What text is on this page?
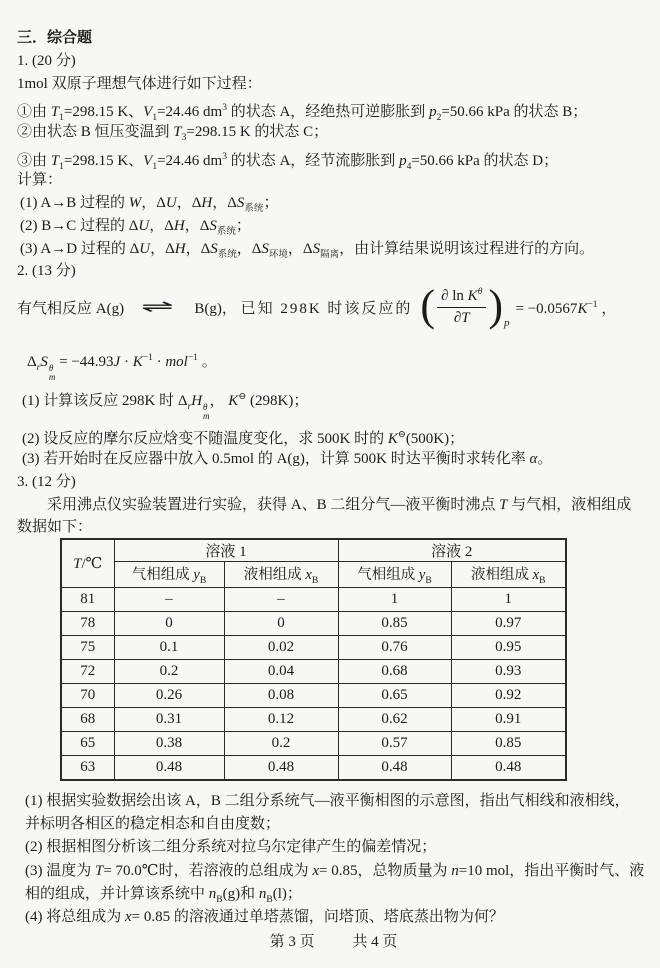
三．综合题
1. (20 分)
1mol 双原子理想气体进行如下过程：
①由 $T_1=298.15$ K、$V_1=24.46$ $dm^3$ 的状态 A，经绝热可逆膨胀到 $p_2=50.66$ kPa 的状态 B；
②由状态 B 恒压变温到 $T_3=298.15$ K 的状态 C；
③由 $T_1=298.15$ K、$V_1=24.46$ $dm^3$ 的状态 A，经节流膨胀到 $p_4=50.66$ kPa 的状态 D；
计算：
(1) A→B 过程的 W，ΔU，ΔH，$\Delta S_{系统}$；
(2) B→C 过程的 ΔU，ΔH，$\Delta S_{系统}$；
(3) A→D 过程的 ΔU，ΔH，$\Delta S_{系统}$，$\Delta S_{环境}$，$\Delta S_{隔离}$，由计算结果说明该过程进行的方向。
2. (13 分)
有气相反应 A(g) ⇌ B(g)， 已知 298K 时该反应的 ( $\frac{\partial \ln K^\theta}{\partial T}$ ) p
= $-0.0567K^{-1}$ ，
$\Delta_rS$ θ
m
= $-44.93J \cdot K^{-1} \cdot mol^{-1}$ 。
(1) 计算该反应 298K 时 $\Delta_rH$ θ
m
， K⊖ (298K)；
(2) 设反应的摩尔反应焓变不随温度变化，求 500K 时的 K⊖(500K)；
(3) 若开始时在反应器中放入 0.5mol 的 A(g)，计算 500K 时达平衡时求转化率 α。
3. (12 分)
采用沸点仪实验装置进行实验，获得 A、B 二组分气—液平衡时沸点 T 与气相，液相组成
数据如下：
T/℃	溶液 1		溶液 2	
	气相组成 $y_B$	液相组成 $x_B$	气相组成 $y_B$	液相组成 $x_B$
81	–	–	1	1
78	0	0	0.85	0.97
75	0.1	0.02	0.76	0.95
72	0.2	0.04	0.68	0.93
70	0.26	0.08	0.65	0.92
68	0.31	0.12	0.62	0.91
65	0.38	0.2	0.57	0.85
63	0.48	0.48	0.48	0.48
(1) 根据实验数据绘出该 A，B 二组分系统气—液平衡相图的示意图，指出气相线和液相线，
并标明各相区的稳定相态和自由度数；
(2) 根据相图分析该二组分系统对拉乌尔定律产生的偏差情况；
(3) 温度为 T= 70.0℃时，若溶液的总组成为 x= 0.85，总物质量为 n=10 mol，指出平衡时气、液
相的组成，并计算该系统中 $n_B(g)$和 $n_B(l)$；
(4) 将总组成为 x= 0.85 的溶液通过单塔蒸馏，问塔顶、塔底蒸出物为何？
第 3 页	共 4 页
